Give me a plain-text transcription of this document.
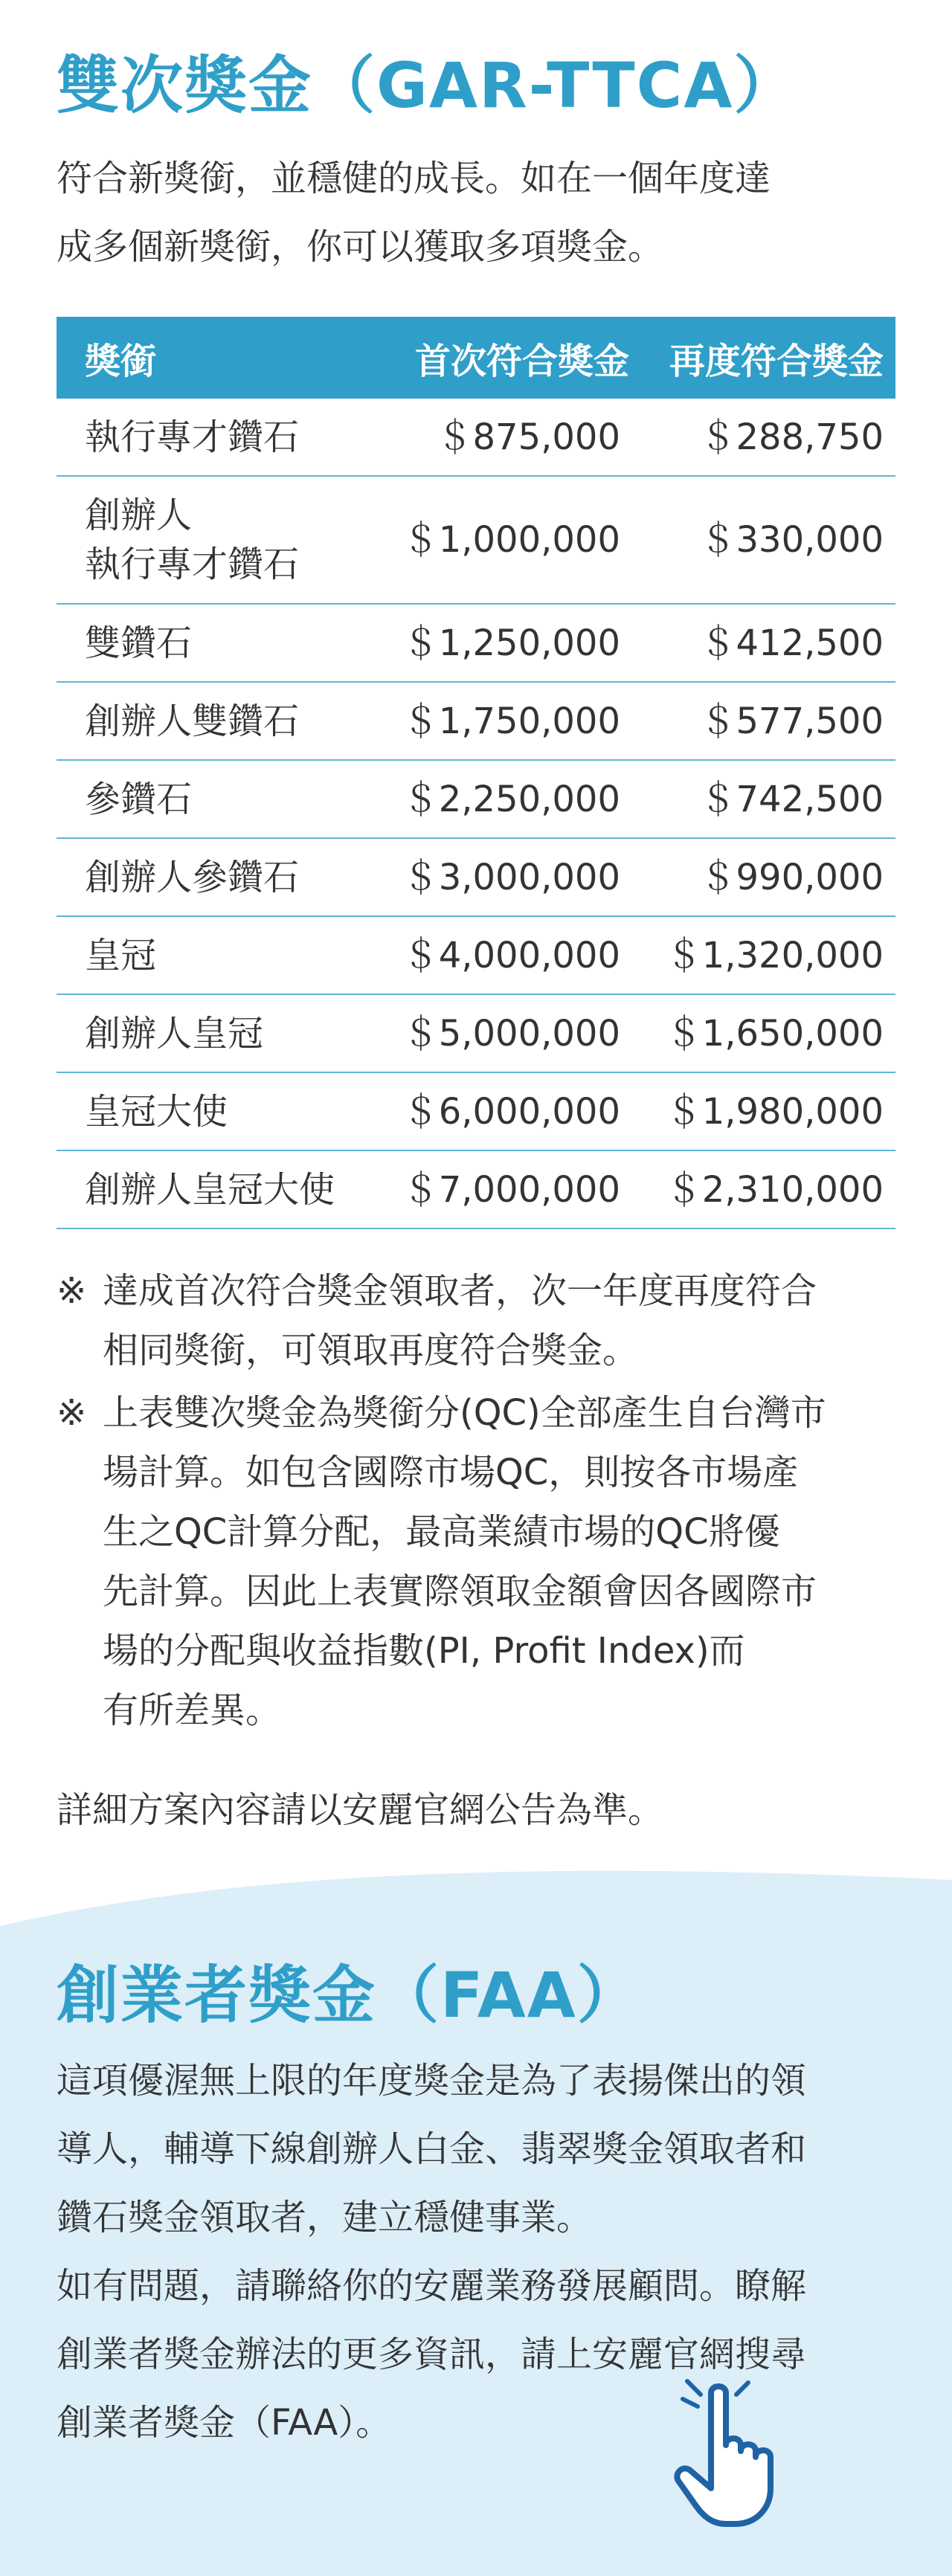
雙次獎金（GAR-TTCA）

符合新獎銜，並穩健的成長。如在一個年度達
成多個新獎銜，你可以獲取多項獎金。

獎銜	首次符合獎金	再度符合獎金
執行專才鑽石	＄875,000	＄288,750
創辦人
執行專才鑽石	＄1,000,000	＄330,000
雙鑽石	＄1,250,000	＄412,500
創辦人雙鑽石	＄1,750,000	＄577,500
參鑽石	＄2,250,000	＄742,500
創辦人參鑽石	＄3,000,000	＄990,000
皇冠	＄4,000,000	＄1,320,000
創辦人皇冠	＄5,000,000	＄1,650,000
皇冠大使	＄6,000,000	＄1,980,000
創辦人皇冠大使	＄7,000,000	＄2,310,000

※ 達成首次符合獎金領取者，次一年度再度符合
相同獎銜，可領取再度符合獎金。

※ 上表雙次獎金為獎銜分(QC)全部產生自台灣市
場計算。如包含國際市場QC，則按各市場產
生之QC計算分配，最高業績市場的QC將優
先計算。因此上表實際領取金額會因各國際市
場的分配與收益指數(PI, Profit Index)而
有所差異。

詳細方案內容請以安麗官網公告為準。

創業者獎金（FAA）

這項優渥無上限的年度獎金是為了表揚傑出的領
導人，輔導下線創辦人白金、翡翠獎金領取者和
鑽石獎金領取者，建立穩健事業。
如有問題，請聯絡你的安麗業務發展顧問。瞭解
創業者獎金辦法的更多資訊，請上安麗官網搜尋
創業者獎金（FAA）。
